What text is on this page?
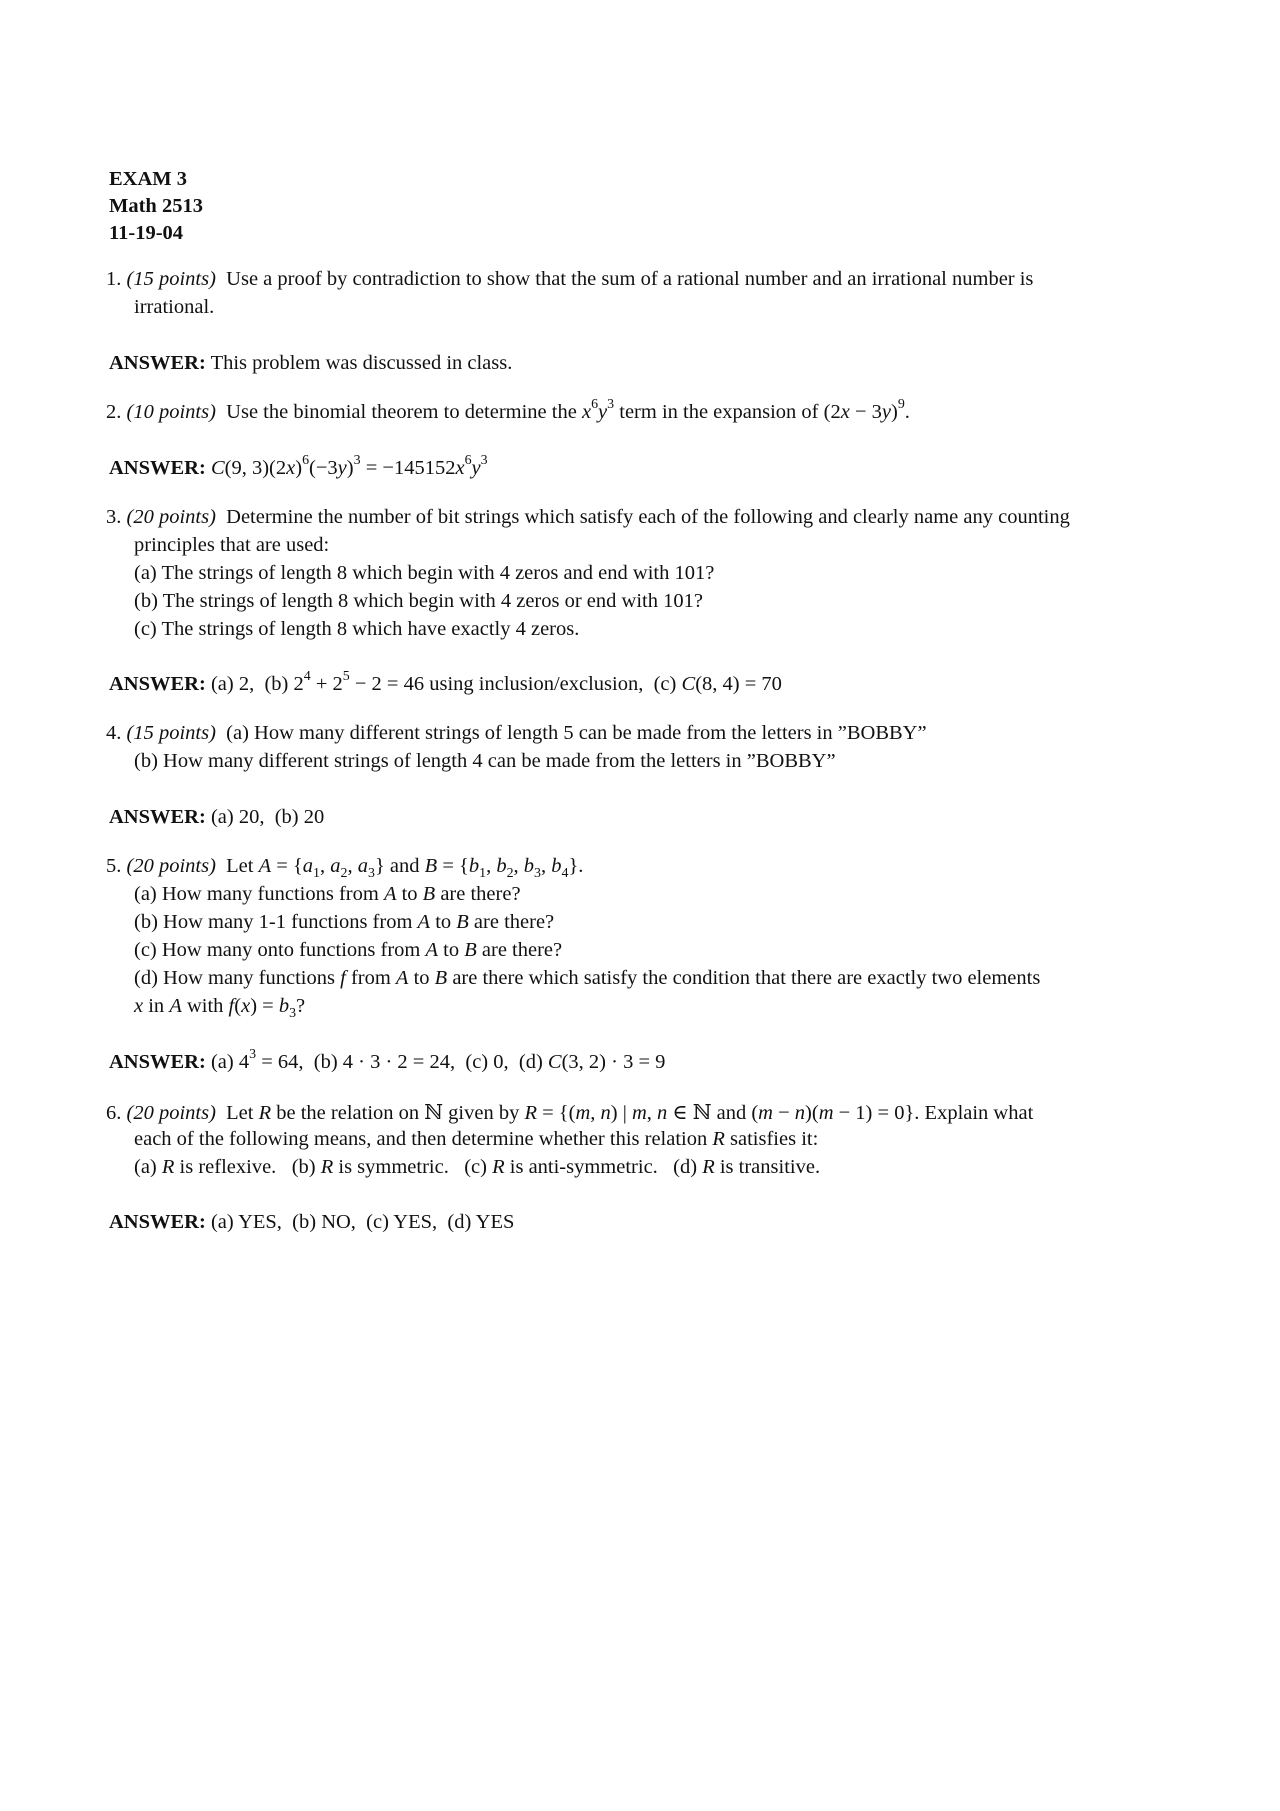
EXAM 3
Math 2513
11-19-04
1. (15 points) Use a proof by contradiction to show that the sum of a rational number and an irrational number is
irrational.
ANSWER: This problem was discussed in class.
2. (10 points) Use the binomial theorem to determine the $x^6y^3$ term in the expansion of $(2x - 3y)^9$.
ANSWER: C(9, $3)(2x)^6(-3y)^3 = -145152x^6y^3$
3. (20 points) Determine the number of bit strings which satisfy each of the following and clearly name any counting
principles that are used:
(a) The strings of length 8 which begin with 4 zeros and end with 101?
(b) The strings of length 8 which begin with 4 zeros or end with 101?
(c) The strings of length 8 which have exactly 4 zeros.
ANSWER: (a) 2, (b) $2^4 + 2^5 - 2 = 46$ using inclusion/exclusion, (c) C(8, 4) = 70
4. (15 points) (a) How many different strings of length 5 can be made from the letters in ”BOBBY”
(b) How many different strings of length 4 can be made from the letters in ”BOBBY”
ANSWER: (a) 20,  (b) 20
5. (20 points) Let $A = \{a_1$, $a_2$, $a_3$} and $B = \{b_1$, $b_2$, $b_3$, $b_4$}.
(a) How many functions from A to B are there?
(b) How many 1-1 functions from A to B are there?
(c) How many onto functions from A to B are there?
(d) How many functions f from A to B are there which satisfy the condition that there are exactly two elements
x in A with $f(x) = b_3$?
ANSWER: (a) $4^3 = 64$,  (b) 4 · 3 · 2 = 24,  (c) 0,  (d) C(3, 2) · 3 = 9
6. (20 points) Let R be the relation on ℕ given by R = {(m, n) | m, n ∈ ℕ and (m − n)(m − 1) = 0}. Explain what
each of the following means, and then determine whether this relation R satisfies it:
(a) R is reflexive.   (b) R is symmetric.   (c) R is anti-symmetric.   (d) R is transitive.
ANSWER: (a) YES,  (b) NO,  (c) YES,  (d) YES
